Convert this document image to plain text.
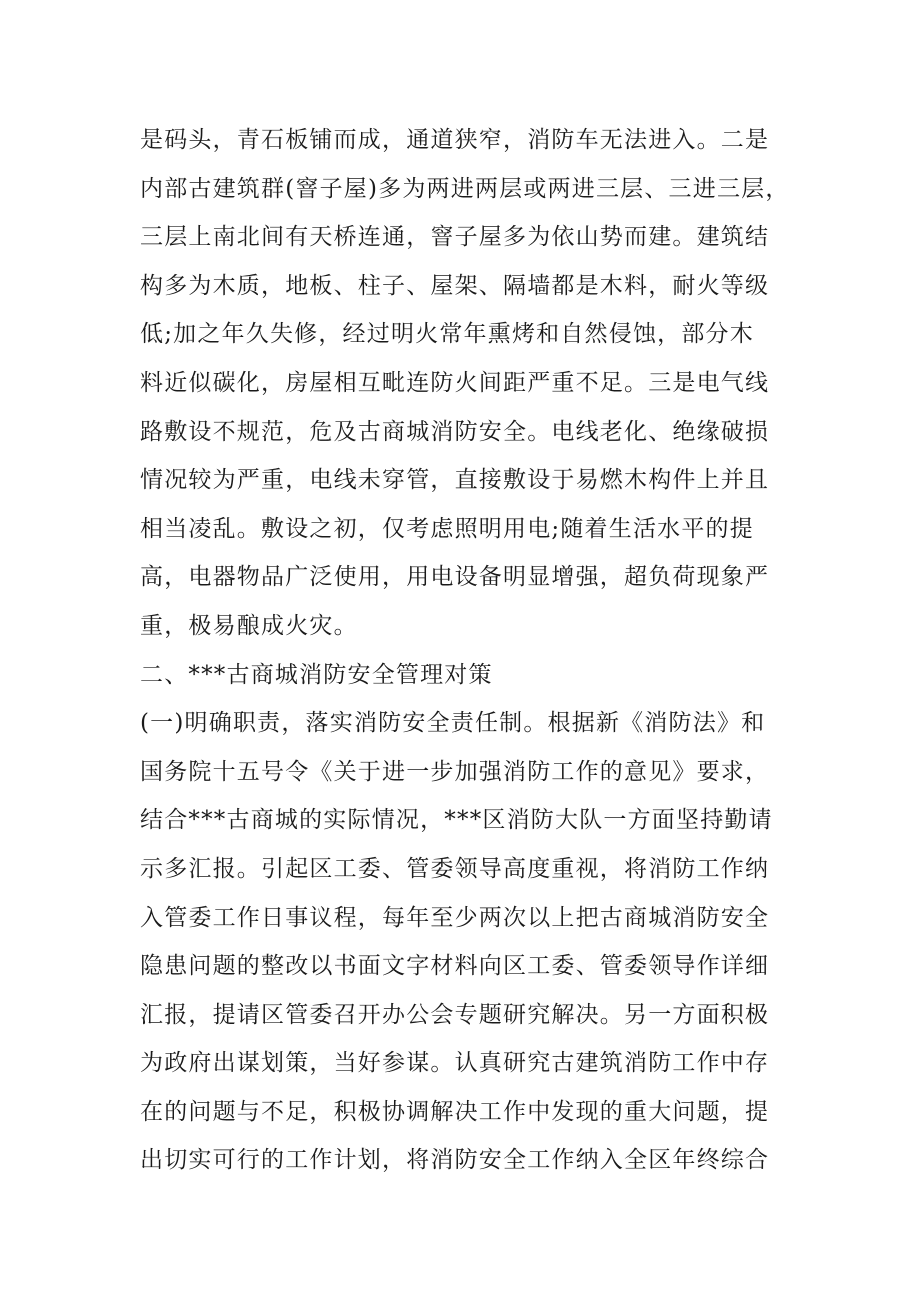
是码头，青石板铺而成，通道狭窄，消防车无法进入。二是
内部古建筑群(窨子屋)多为两进两层或两进三层、三进三层，
三层上南北间有天桥连通，窨子屋多为依山势而建。建筑结
构多为木质，地板、柱子、屋架、隔墙都是木料，耐火等级
低;加之年久失修，经过明火常年熏烤和自然侵蚀，部分木
料近似碳化，房屋相互毗连防火间距严重不足。三是电气线
路敷设不规范，危及古商城消防安全。电线老化、绝缘破损
情况较为严重，电线未穿管，直接敷设于易燃木构件上并且
相当凌乱。敷设之初，仅考虑照明用电;随着生活水平的提
高，电器物品广泛使用，用电设备明显增强，超负荷现象严
重，极易酿成火灾。
二、***古商城消防安全管理对策
(一)明确职责，落实消防安全责任制。根据新《消防法》和
国务院十五号令《关于进一步加强消防工作的意见》要求，
结合***古商城的实际情况，***区消防大队一方面坚持勤请
示多汇报。引起区工委、管委领导高度重视，将消防工作纳
入管委工作日事议程，每年至少两次以上把古商城消防安全
隐患问题的整改以书面文字材料向区工委、管委领导作详细
汇报，提请区管委召开办公会专题研究解决。另一方面积极
为政府出谋划策，当好参谋。认真研究古建筑消防工作中存
在的问题与不足，积极协调解决工作中发现的重大问题，提
出切实可行的工作计划，将消防安全工作纳入全区年终综合
